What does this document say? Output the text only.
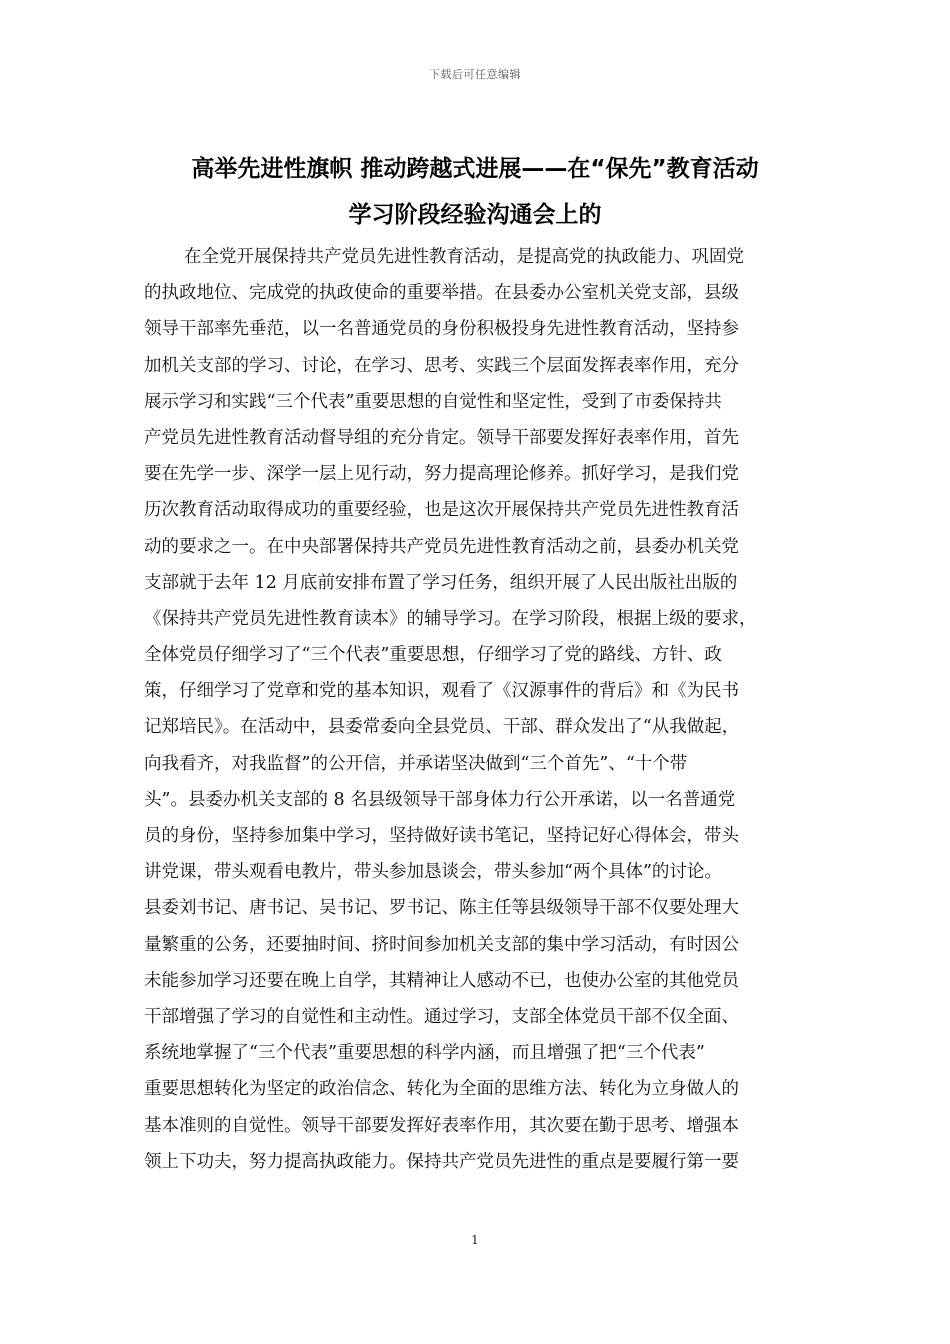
下载后可任意编辑
高举先进性旗帜 推动跨越式进展——在“保先”教育活动
学习阶段经验沟通会上的
在全党开展保持共产党员先进性教育活动，是提高党的执政能力、巩固党
的执政地位、完成党的执政使命的重要举措。在县委办公室机关党支部，县级
领导干部率先垂范，以一名普通党员的身份积极投身先进性教育活动，坚持参
加机关支部的学习、讨论，在学习、思考、实践三个层面发挥表率作用，充分
展示学习和实践“三个代表”重要思想的自觉性和坚定性，受到了市委保持共
产党员先进性教育活动督导组的充分肯定。领导干部要发挥好表率作用，首先
要在先学一步、深学一层上见行动，努力提高理论修养。抓好学习，是我们党
历次教育活动取得成功的重要经验，也是这次开展保持共产党员先进性教育活
动的要求之一。在中央部署保持共产党员先进性教育活动之前，县委办机关党
支部就于去年 12 月底前安排布置了学习任务，组织开展了人民出版社出版的
《保持共产党员先进性教育读本》的辅导学习。在学习阶段，根据上级的要求，
全体党员仔细学习了“三个代表”重要思想，仔细学习了党的路线、方针、政
策，仔细学习了党章和党的基本知识，观看了《汉源事件的背后》和《为民书
记郑培民》。在活动中，县委常委向全县党员、干部、群众发出了“从我做起，
向我看齐，对我监督”的公开信，并承诺坚决做到“三个首先”、“十个带
头”。县委办机关支部的 8 名县级领导干部身体力行公开承诺，以一名普通党
员的身份，坚持参加集中学习，坚持做好读书笔记，坚持记好心得体会，带头
讲党课，带头观看电教片，带头参加恳谈会，带头参加“两个具体”的讨论。
县委刘书记、唐书记、吴书记、罗书记、陈主任等县级领导干部不仅要处理大
量繁重的公务，还要抽时间、挤时间参加机关支部的集中学习活动，有时因公
未能参加学习还要在晚上自学，其精神让人感动不已，也使办公室的其他党员
干部增强了学习的自觉性和主动性。通过学习，支部全体党员干部不仅全面、
系统地掌握了“三个代表”重要思想的科学内涵，而且增强了把“三个代表”
重要思想转化为坚定的政治信念、转化为全面的思维方法、转化为立身做人的
基本准则的自觉性。领导干部要发挥好表率作用，其次要在勤于思考、增强本
领上下功夫，努力提高执政能力。保持共产党员先进性的重点是要履行第一要
1
